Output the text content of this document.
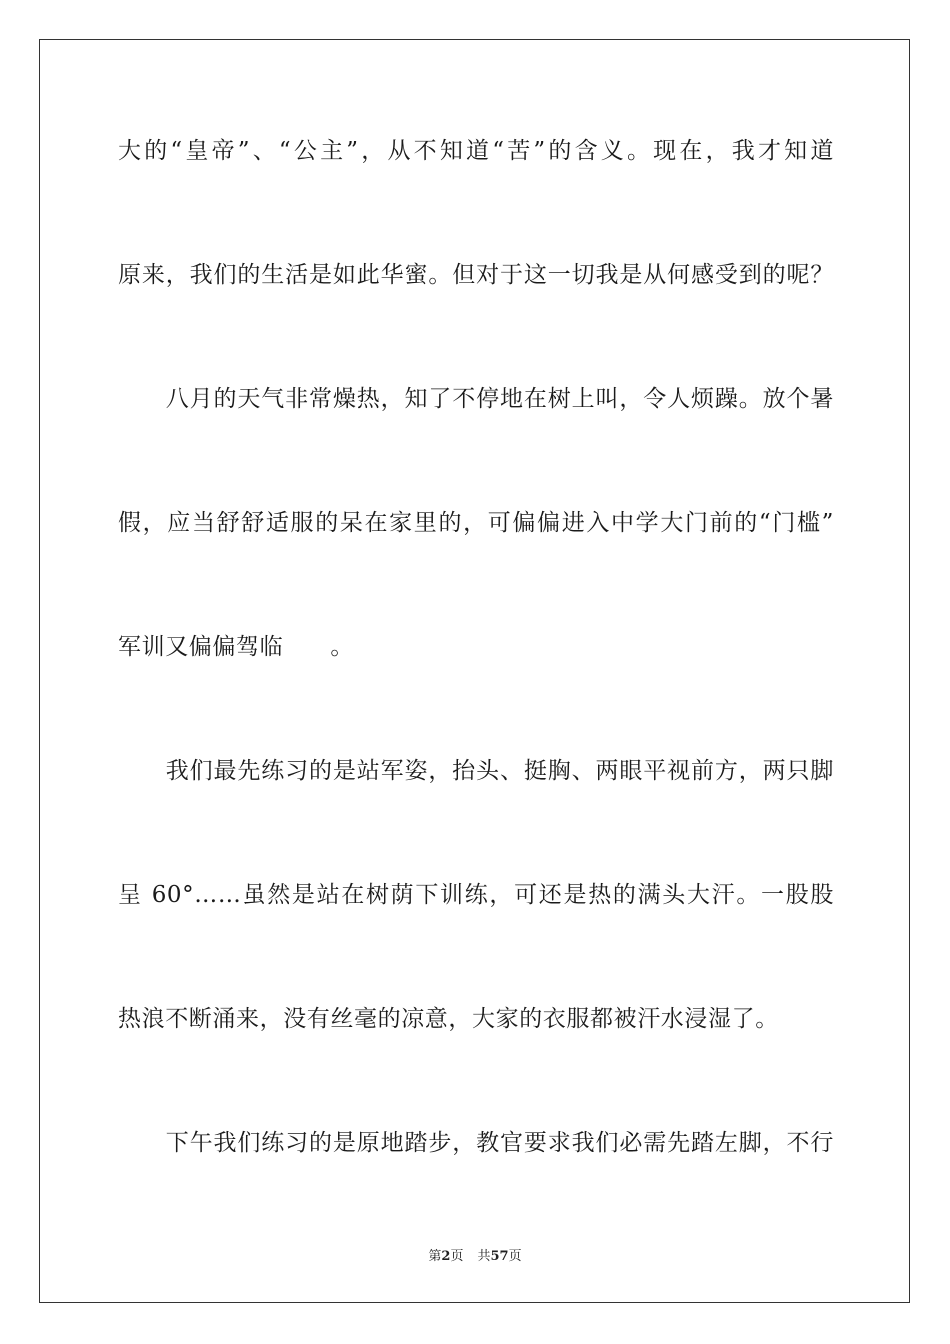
大的“皇帝”、“公主”，从不知道“苦”的含义。现在，我才知道
原来，我们的生活是如此华蜜。但对于这一切我是从何感受到的呢？
　　八月的天气非常燥热，知了不停地在树上叫，令人烦躁。放个暑
假，应当舒舒适服的呆在家里的，可偏偏进入中学大门前的“门槛”
军训又偏偏驾临　　。
　　我们最先练习的是站军姿，抬头、挺胸、两眼平视前方，两只脚
呈 60°……虽然是站在树荫下训练，可还是热的满头大汗。一股股
热浪不断涌来，没有丝毫的凉意，大家的衣服都被汗水浸湿了。
　　下午我们练习的是原地踏步，教官要求我们必需先踏左脚，不行
第2页 共57页
